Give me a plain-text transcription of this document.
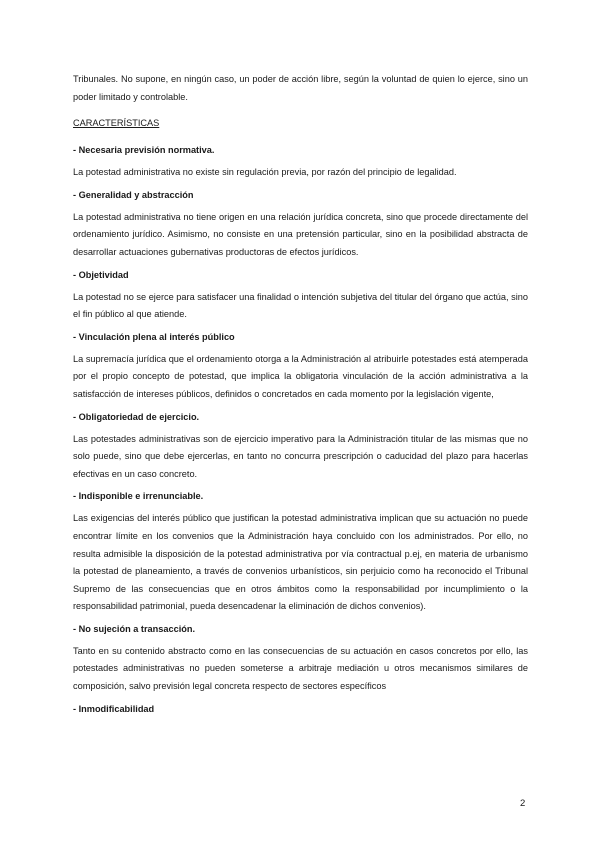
Tribunales. No supone, en ningún caso, un poder de acción libre, según la voluntad de quien lo ejerce, sino un poder limitado y controlable.

CARACTERÍSTICAS

- Necesaria previsión normativa.

La potestad administrativa no existe sin regulación previa, por razón del principio de legalidad.

- Generalidad y abstracción

La potestad administrativa no tiene origen en una relación jurídica concreta, sino que procede directamente del ordenamiento jurídico. Asimismo, no consiste en una pretensión particular, sino en la posibilidad abstracta de desarrollar actuaciones gubernativas productoras de efectos jurídicos.

- Objetividad

La potestad no se ejerce para satisfacer una finalidad o intención subjetiva del titular del órgano que actúa, sino el fin público al que atiende.

- Vinculación plena al interés público

La supremacía jurídica que el ordenamiento otorga a la Administración al atribuirle potestades está atemperada por el propio concepto de potestad, que implica la obligatoria vinculación de la acción administrativa a la satisfacción de intereses públicos, definidos o concretados en cada momento por la legislación vigente,

- Obligatoriedad de ejercicio.

Las potestades administrativas son de ejercicio imperativo para la Administración titular de las mismas que no solo puede, sino que debe ejercerlas, en tanto no concurra prescripción o caducidad del plazo para hacerlas efectivas en un caso concreto.

- Indisponible e irrenunciable.

Las exigencias del interés público que justifican la potestad administrativa implican que su actuación no puede encontrar límite en los convenios que la Administración haya concluido con los administrados. Por ello, no resulta admisible la disposición de la potestad administrativa por vía contractual p.ej, en materia de urbanismo la potestad de planeamiento, a través de convenios urbanísticos, sin perjuicio como ha reconocido el Tribunal Supremo de las consecuencias que en otros ámbitos como la responsabilidad por incumplimiento o la responsabilidad patrimonial, pueda desencadenar la eliminación de dichos convenios).

- No sujeción a transacción.

Tanto en su contenido abstracto como en las consecuencias de su actuación en casos concretos por ello, las potestades administrativas no pueden someterse a arbitraje mediación u otros mecanismos similares de composición, salvo previsión legal concreta respecto de sectores específicos

- Inmodificabilidad

2
